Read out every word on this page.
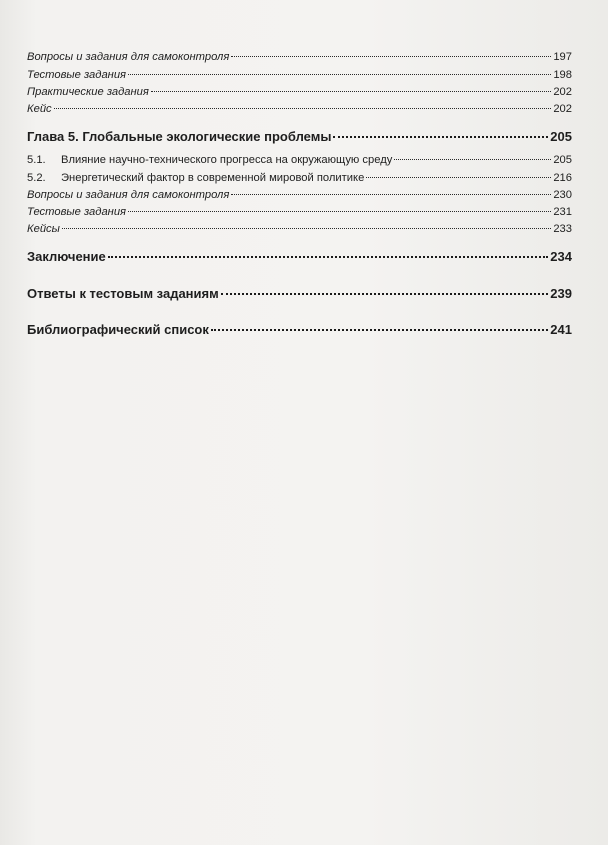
​
Вопросы и задания для самоконтроля	197
Тестовые задания	198
Практические задания	202
Кейс	202
Глава 5. Глобальные экологические проблемы	205
5.1. Влияние научно-технического прогресса на окружающую среду	205
5.2. Энергетический фактор в современной мировой политике	216
Вопросы и задания для самоконтроля	230
Тестовые задания	231
Кейсы	233
Заключение	234
Ответы к тестовым заданиям	239
Библиографический список	241
